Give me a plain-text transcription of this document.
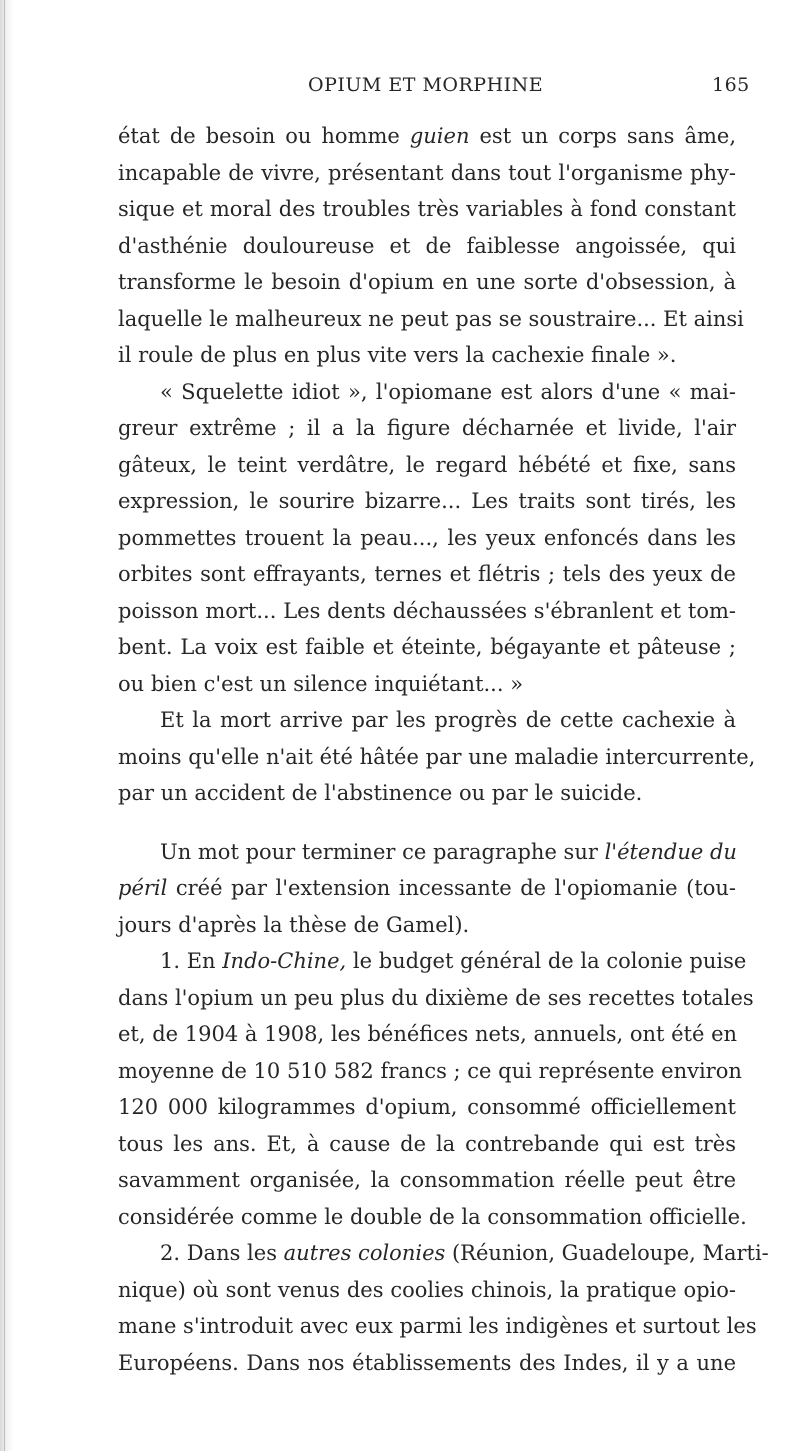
OPIUM ET MORPHINE	165
état de besoin ou homme guien est un corps sans âme,
incapable de vivre, présentant dans tout l'organisme phy-
sique et moral des troubles très variables à fond constant
d'asthénie douloureuse et de faiblesse angoissée, qui
transforme le besoin d'opium en une sorte d'obsession, à
laquelle le malheureux ne peut pas se soustraire... Et ainsi
il roule de plus en plus vite vers la cachexie finale ».
« Squelette idiot », l'opiomane est alors d'une « mai-
greur extrême ; il a la figure décharnée et livide, l'air
gâteux, le teint verdâtre, le regard hébété et fixe, sans
expression, le sourire bizarre... Les traits sont tirés, les
pommettes trouent la peau..., les yeux enfoncés dans les
orbites sont effrayants, ternes et flétris ; tels des yeux de
poisson mort... Les dents déchaussées s'ébranlent et tom-
bent. La voix est faible et éteinte, bégayante et pâteuse ;
ou bien c'est un silence inquiétant... »
Et la mort arrive par les progrès de cette cachexie à
moins qu'elle n'ait été hâtée par une maladie intercurrente,
par un accident de l'abstinence ou par le suicide.
Un mot pour terminer ce paragraphe sur l'étendue du
péril créé par l'extension incessante de l'opiomanie (tou-
jours d'après la thèse de Gamel).
1. En Indo-Chine, le budget général de la colonie puise
dans l'opium un peu plus du dixième de ses recettes totales
et, de 1904 à 1908, les bénéfices nets, annuels, ont été en
moyenne de 10 510 582 francs ; ce qui représente environ
120 000 kilogrammes d'opium, consommé officiellement
tous les ans. Et, à cause de la contrebande qui est très
savamment organisée, la consommation réelle peut être
considérée comme le double de la consommation officielle.
2. Dans les autres colonies (Réunion, Guadeloupe, Marti-
nique) où sont venus des coolies chinois, la pratique opio-
mane s'introduit avec eux parmi les indigènes et surtout les
Européens. Dans nos établissements des Indes, il y a une
